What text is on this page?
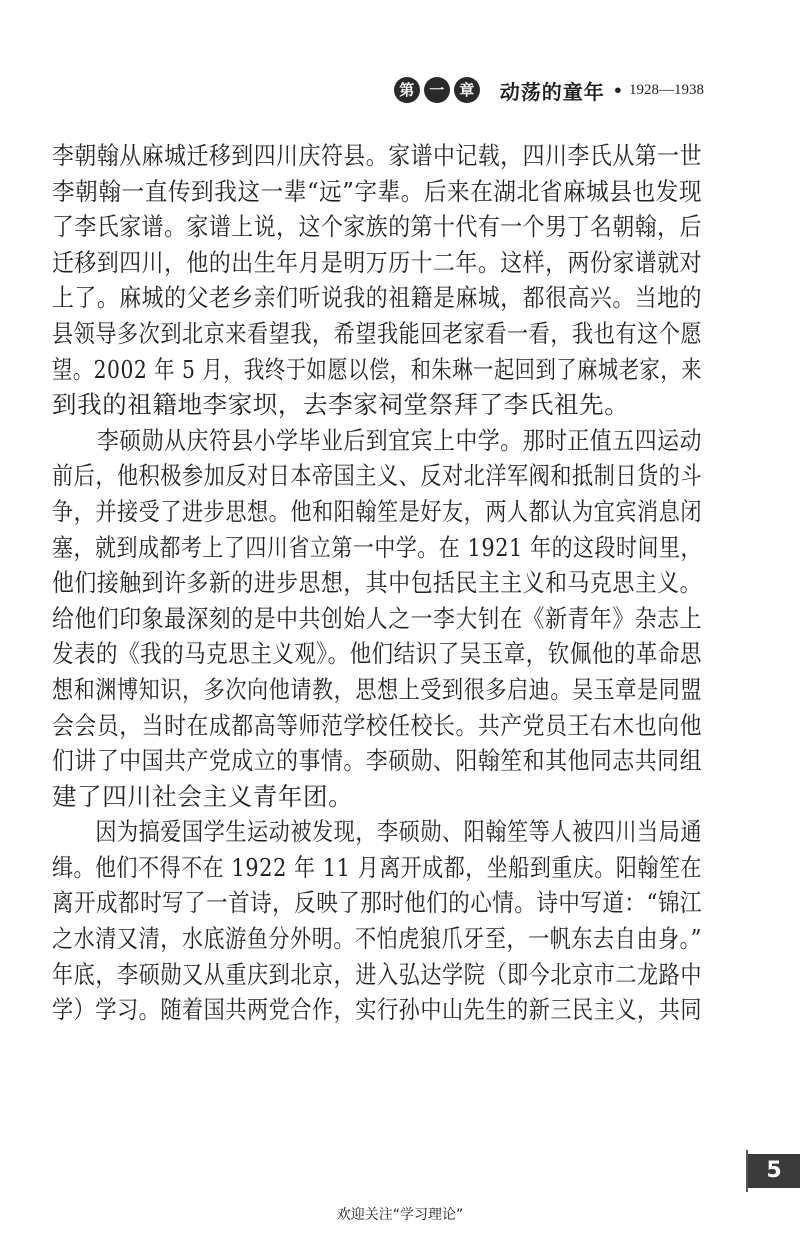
第 一 章 动荡的童年 • 1928—1938

李朝翰从麻城迁移到四川庆符县。家谱中记载，四川李氏从第一世
李朝翰一直传到我这一辈“远”字辈。后来在湖北省麻城县也发现
了李氏家谱。家谱上说，这个家族的第十代有一个男丁名朝翰，后
迁移到四川，他的出生年月是明万历十二年。这样，两份家谱就对
上了。麻城的父老乡亲们听说我的祖籍是麻城，都很高兴。当地的
县领导多次到北京来看望我，希望我能回老家看一看，我也有这个愿
望。2002 年 5 月，我终于如愿以偿，和朱琳一起回到了麻城老家，来
到我的祖籍地李家坝，去李家祠堂祭拜了李氏祖先。

　　李硕勋从庆符县小学毕业后到宜宾上中学。那时正值五四运动
前后，他积极参加反对日本帝国主义、反对北洋军阀和抵制日货的斗
争，并接受了进步思想。他和阳翰笙是好友，两人都认为宜宾消息闭
塞，就到成都考上了四川省立第一中学。在 1921 年的这段时间里，
他们接触到许多新的进步思想，其中包括民主主义和马克思主义。
给他们印象最深刻的是中共创始人之一李大钊在《新青年》杂志上
发表的《我的马克思主义观》。他们结识了吴玉章，钦佩他的革命思
想和渊博知识，多次向他请教，思想上受到很多启迪。吴玉章是同盟
会会员，当时在成都高等师范学校任校长。共产党员王右木也向他
们讲了中国共产党成立的事情。李硕勋、阳翰笙和其他同志共同组
建了四川社会主义青年团。

　　因为搞爱国学生运动被发现，李硕勋、阳翰笙等人被四川当局通
缉。他们不得不在 1922 年 11 月离开成都，坐船到重庆。阳翰笙在
离开成都时写了一首诗，反映了那时他们的心情。诗中写道：“锦江
之水清又清，水底游鱼分外明。不怕虎狼爪牙至，一帆东去自由身。”
年底，李硕勋又从重庆到北京，进入弘达学院（即今北京市二龙路中
学）学习。随着国共两党合作，实行孙中山先生的新三民主义，共同

5
欢迎关注“学习理论”
